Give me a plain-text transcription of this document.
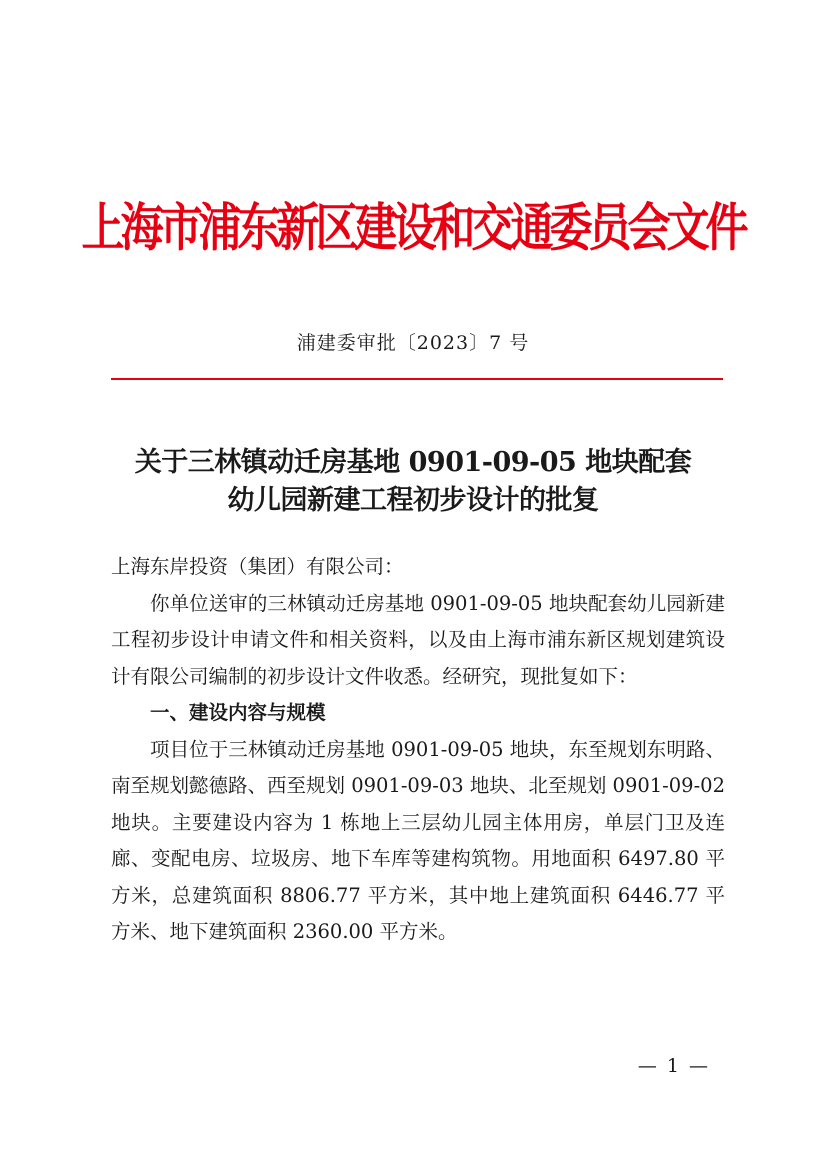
上海市浦东新区建设和交通委员会文件
浦建委审批〔2023〕7 号
关于三林镇动迁房基地 0901-09-05 地块配套
幼儿园新建工程初步设计的批复

上海东岸投资（集团）有限公司：

你单位送审的三林镇动迁房基地 0901-09-05 地块配套幼儿园新建工程初步设计申请文件和相关资料，以及由上海市浦东新区规划建筑设计有限公司编制的初步设计文件收悉。经研究，现批复如下：

一、建设内容与规模

项目位于三林镇动迁房基地 0901-09-05 地块，东至规划东明路、南至规划懿德路、西至规划 0901-09-03 地块、北至规划 0901-09-02 地块。主要建设内容为 1 栋地上三层幼儿园主体用房，单层门卫及连廊、变配电房、垃圾房、地下车库等建构筑物。用地面积 6497.80 平方米，总建筑面积 8806.77 平方米，其中地上建筑面积 6446.77 平方米、地下建筑面积 2360.00 平方米。

— 1 —
